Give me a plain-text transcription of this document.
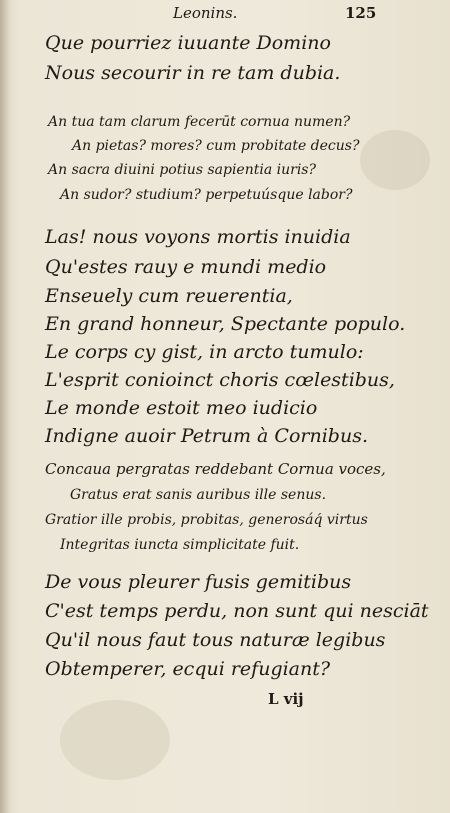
Leonins.	125
Que pourriez iuuante Domino
Nous secourir in re tam dubia.
An tua tam clarum fecerūt cornua numen?
An pietas? mores? cum probitate decus?
An sacra diuini potius sapientia iuris?
An sudor? studium? perpetuúsque labor?
Las! nous voyons mortis inuidia
Qu'estes rauy e mundi medio
Enseuely cum reuerentia,
En grand honneur, Spectante populo.
Le corps cy gist, in arcto tumulo:
L'esprit conioinct choris cœlestibus,
Le monde estoit meo iudicio
Indigne auoir Petrum à Cornibus.
Concaua pergratas reddebant Cornua voces,
Gratus erat sanis auribus ille senus.
Gratior ille probis, probitas, generosáq́ virtus
Integritas iuncta simplicitate fuit.
De vous pleurer fusis gemitibus
C'est temps perdu, non sunt qui nesciāt
Qu'il nous faut tous naturæ legibus
Obtemperer, ecqui refugiant?
L vij
